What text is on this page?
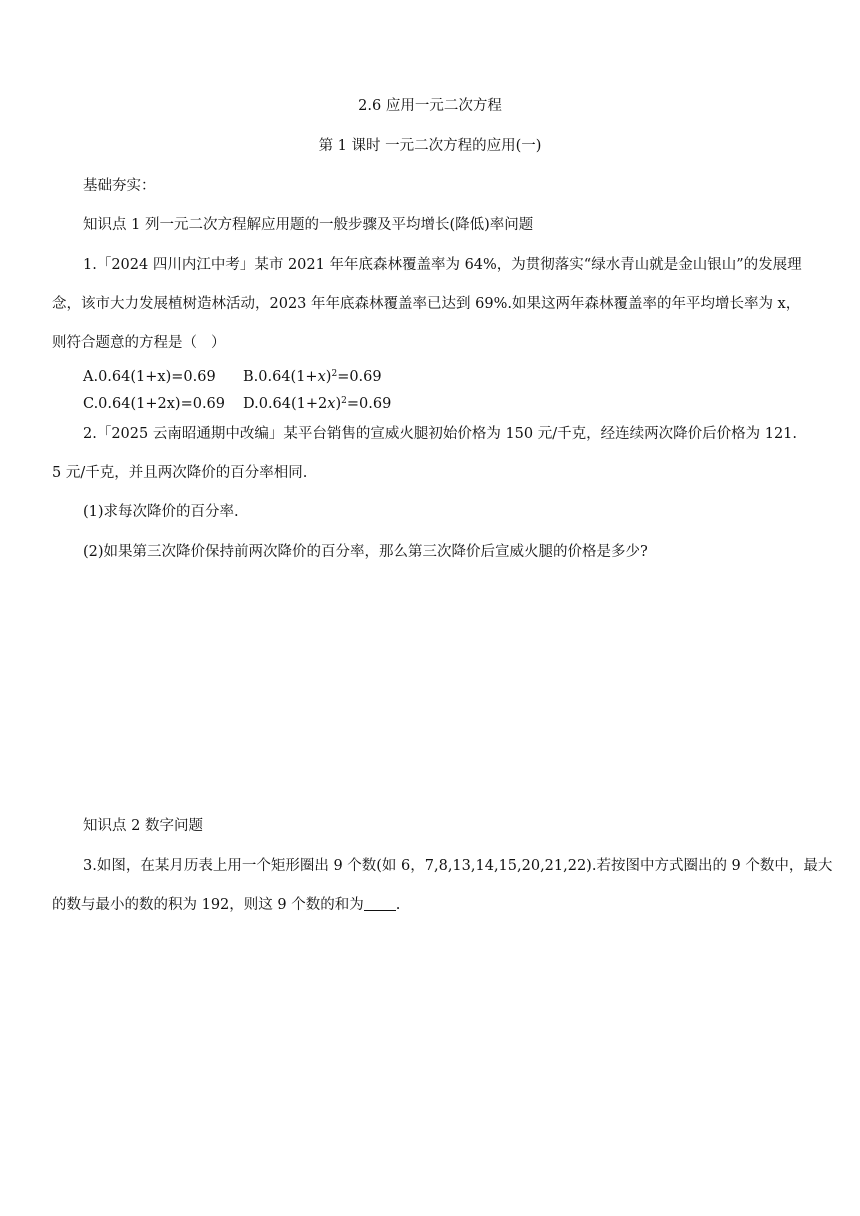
2.6 应用一元二次方程
第 1 课时 一元二次方程的应用(一)
基础夯实：
知识点 1 列一元二次方程解应用题的一般步骤及平均增长(降低)率问题
1.「2024 四川内江中考」某市 2021 年年底森林覆盖率为 64%，为贯彻落实“绿水青山就是金山银山”的发展理
念，该市大力发展植树造林活动，2023 年年底森林覆盖率已达到 69%.如果这两年森林覆盖率的年平均增长率为 x，
则符合题意的方程是（ ）
A.0.64(1+x)=0.69 $B.0.64(1+x)^2=0.69$
C.0.64(1+2x)=0.69 $D.0.64(1+2x)^2=0.69$
2.「2025 云南昭通期中改编」某平台销售的宣威火腿初始价格为 150 元/千克，经连续两次降价后价格为 121.
5 元/千克，并且两次降价的百分率相同.
(1)求每次降价的百分率.
(2)如果第三次降价保持前两次降价的百分率，那么第三次降价后宣威火腿的价格是多少?
知识点 2 数字问题
3.如图，在某月历表上用一个矩形圈出 9 个数(如 6，7,8,13,14,15,20,21,22).若按图中方式圈出的 9 个数中，最大
的数与最小的数的积为 192，则这 9 个数的和为 .
